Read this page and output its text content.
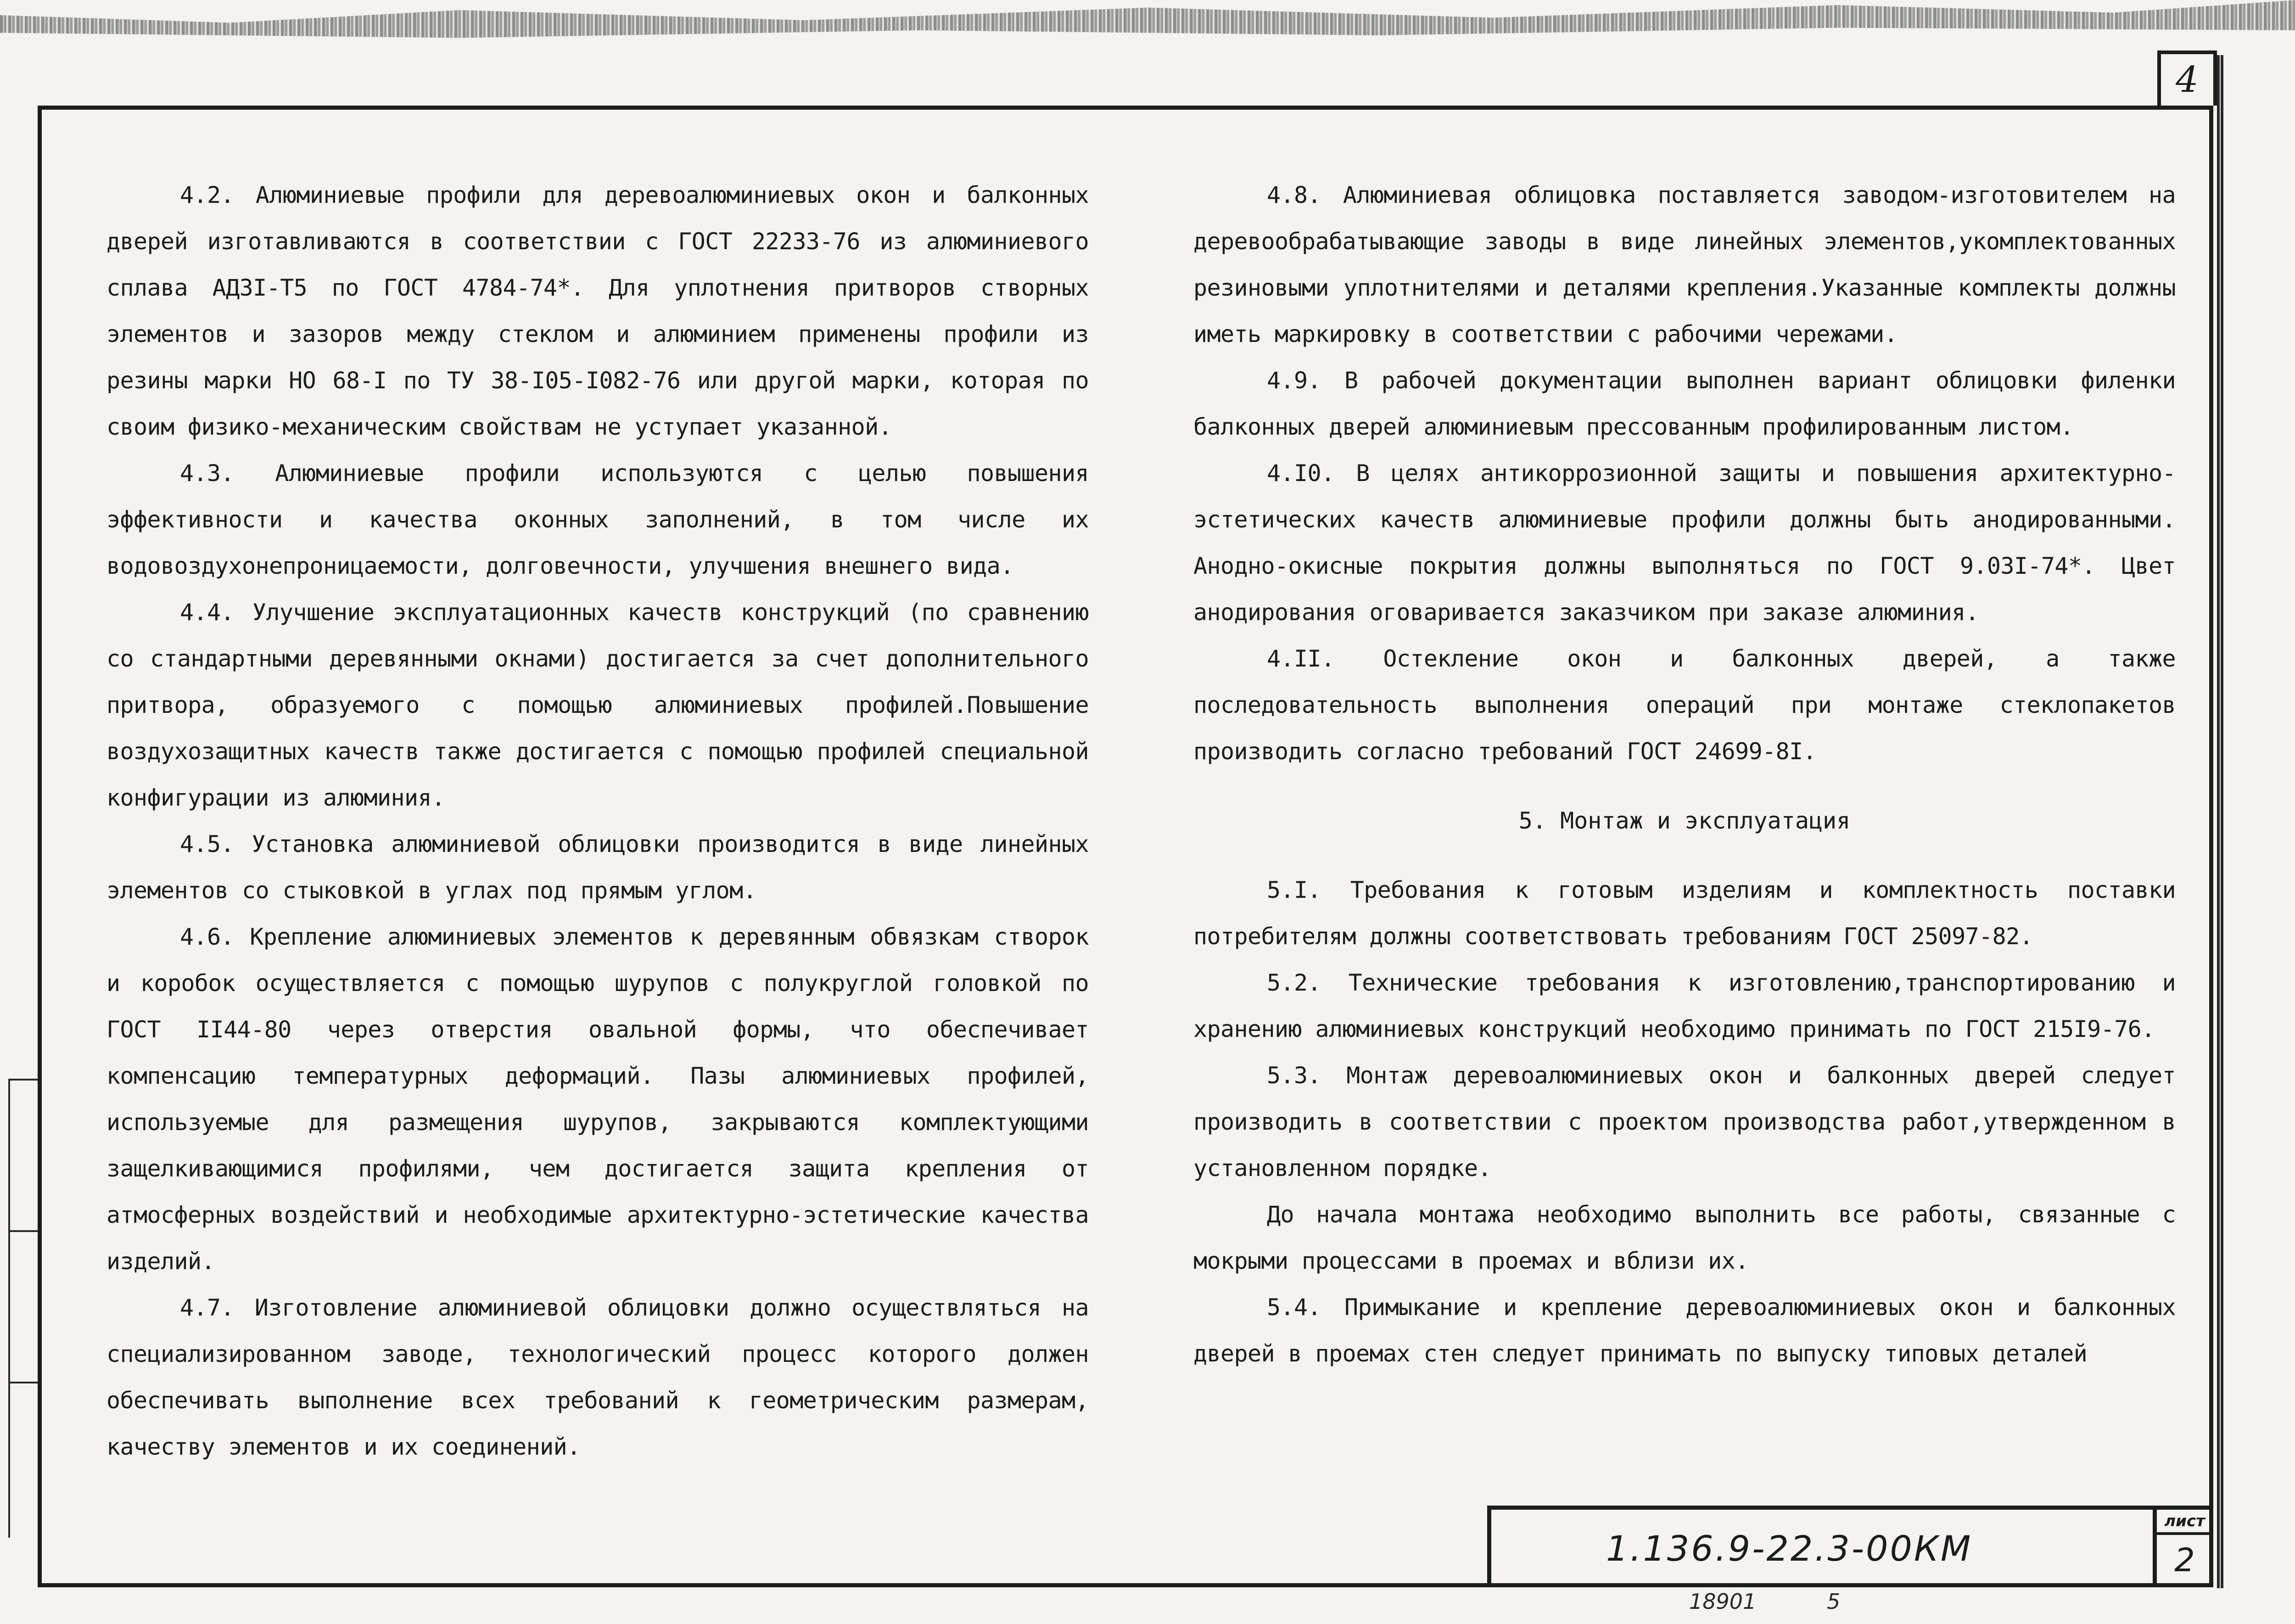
4

4.2. Алюминиевые профили для деревоалюминиевых окон и балконных дверей изготавливаются в соответствии с ГОСТ 22233-76 из алюминиевого сплава АДЗI-Т5 по ГОСТ 4784-74*. Для уплотнения притворов створных элементов и зазоров между стеклом и алюминием применены профили из резины марки НО 68-I по ТУ 38-I05-I082-76 или другой марки, которая по своим физико-механическим свойствам не уступает указанной.

4.3. Алюминиевые профили используются с целью повышения эффективности и качества оконных заполнений, в том числе их водовоздухонепроницаемости, долговечности, улучшения внешнего вида.

4.4. Улучшение эксплуатационных качеств конструкций (по сравнению со стандартными деревянными окнами) достигается за счет дополнительного притвора, образуемого с помощью алюминиевых профилей.Повышение воздухозащитных качеств также достигается с помощью профилей специальной конфигурации из алюминия.

4.5. Установка алюминиевой облицовки производится в виде линейных элементов со стыковкой в углах под прямым углом.

4.6. Крепление алюминиевых элементов к деревянным обвязкам створок и коробок осуществляется с помощью шурупов с полукруглой головкой по ГОСТ II44-80 через отверстия овальной формы, что обеспечивает компенсацию температурных деформаций. Пазы алюминиевых профилей, используемые для размещения шурупов, закрываются комплектующими защелкивающимися профилями, чем достигается защита крепления от атмосферных воздействий и необходимые архитектурно-эстетические качества изделий.

4.7. Изготовление алюминиевой облицовки должно осуществляться на специализированном заводе, технологический процесс которого должен обеспечивать выполнение всех требований к геометрическим размерам, качеству элементов и их соединений.

4.8. Алюминиевая облицовка поставляется заводом-изготовителем на деревообрабатывающие заводы в виде линейных элементов,укомплектованных резиновыми уплотнителями и деталями крепления.Указанные комплекты должны иметь маркировку в соответствии с рабочими чережами.

4.9. В рабочей документации выполнен вариант облицовки филенки балконных дверей алюминиевым прессованным профилированным листом.

4.I0. В целях антикоррозионной защиты и повышения архитектурно-эстетических качеств алюминиевые профили должны быть анодированными. Анодно-окисные покрытия должны выполняться по ГОСТ 9.03I-74*. Цвет анодирования оговаривается заказчиком при заказе алюминия.

4.II. Остекление окон и балконных дверей, а также последовательность выполнения операций при монтаже стеклопакетов производить согласно требований ГОСТ 24699-8I.

5. Монтаж и эксплуатация

5.I. Требования к готовым изделиям и комплектность поставки потребителям должны соответствовать требованиям ГОСТ 25097-82.

5.2. Технические требования к изготовлению,транспортированию и хранению алюминиевых конструкций необходимо принимать по ГОСТ 215I9-76.

5.3. Монтаж деревоалюминиевых окон и балконных дверей следует производить в соответствии с проектом производства работ,утвержденном в установленном порядке.

До начала монтажа необходимо выполнить все работы, связанные с мокрыми процессами в проемах и вблизи их.

5.4. Примыкание и крепление деревоалюминиевых окон и балконных дверей в проемах стен следует принимать по выпуску типовых деталей

1.136.9-22.3-00КМ
лист
2
18901	5
